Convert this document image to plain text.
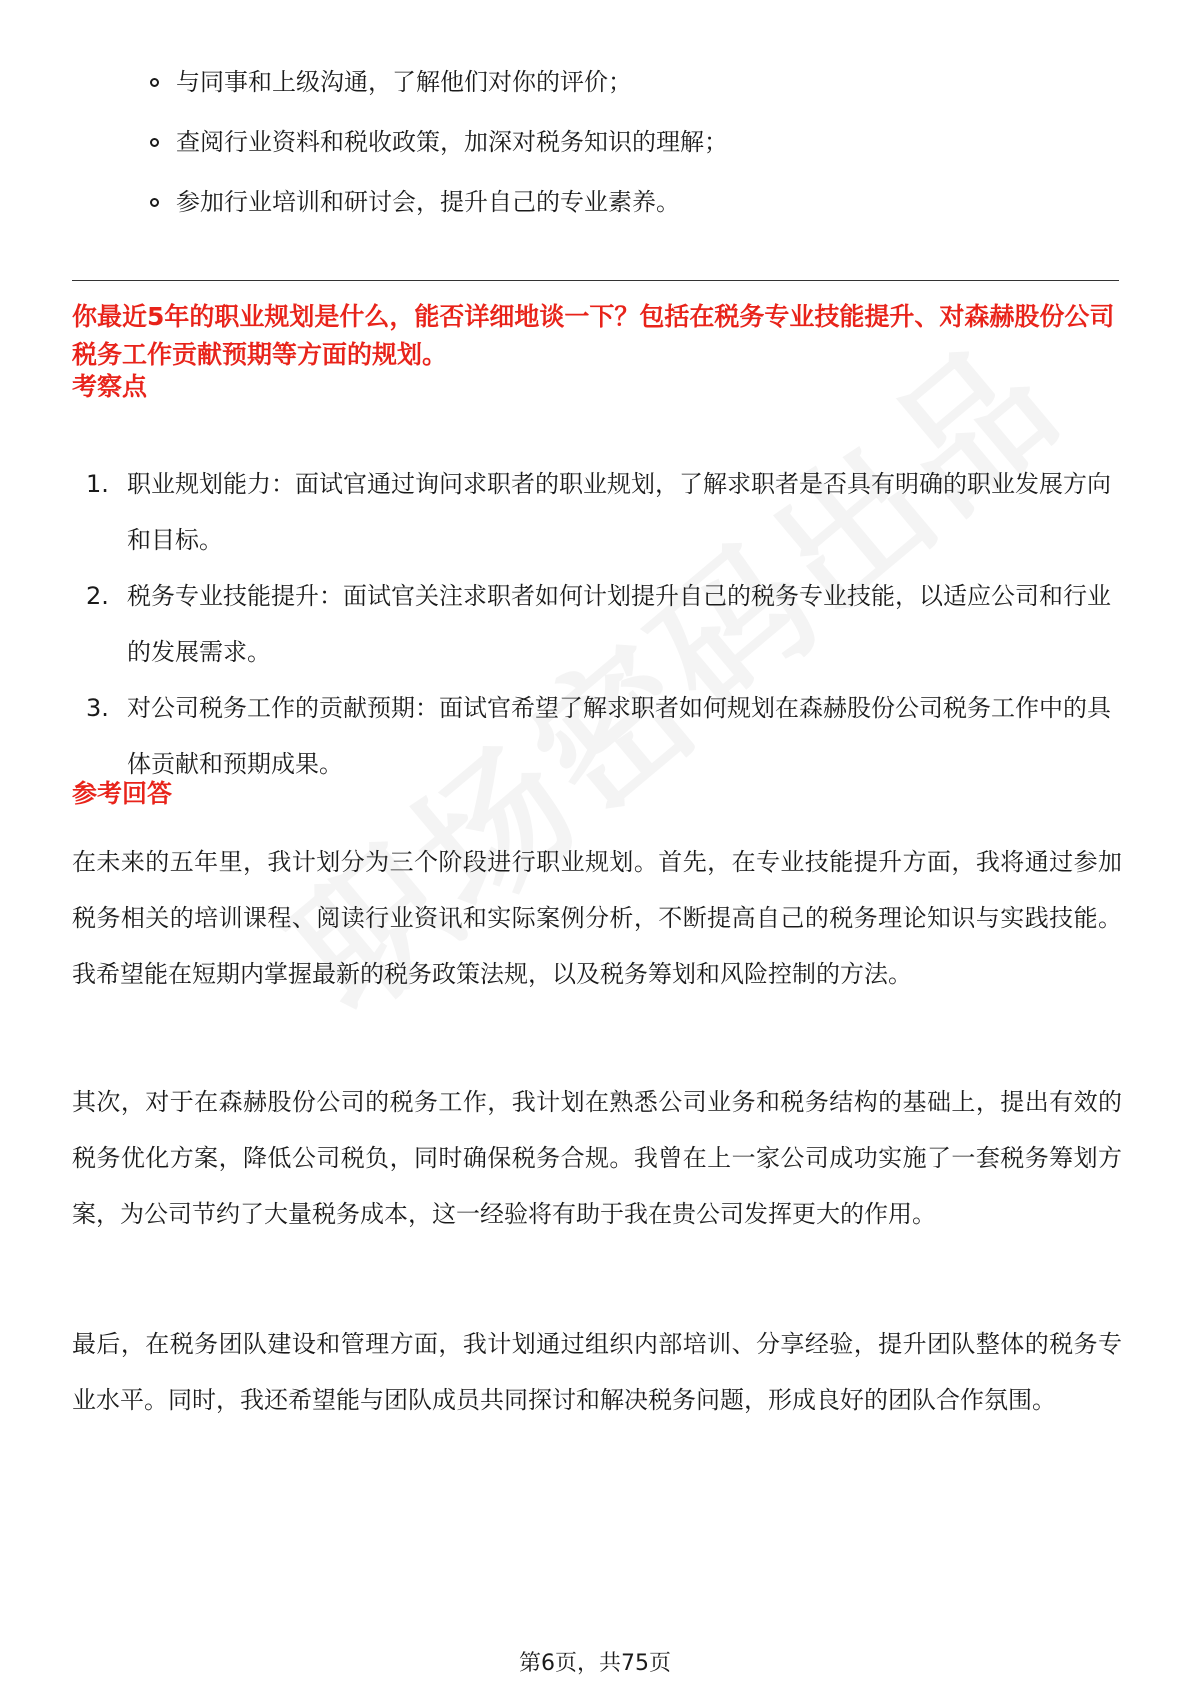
与同事和上级沟通，了解他们对你的评价；
查阅行业资料和税收政策，加深对税务知识的理解；
参加行业培训和研讨会，提升自己的专业素养。
你最近5年的职业规划是什么，能否详细地谈一下？包括在税务专业技能提升、对森赫股份公司税务工作贡献预期等方面的规划。
考察点
1. 职业规划能力：面试官通过询问求职者的职业规划，了解求职者是否具有明确的职业发展方向和目标。
2. 税务专业技能提升：面试官关注求职者如何计划提升自己的税务专业技能，以适应公司和行业的发展需求。
3. 对公司税务工作的贡献预期：面试官希望了解求职者如何规划在森赫股份公司税务工作中的具体贡献和预期成果。
参考回答

在未来的五年里，我计划分为三个阶段进行职业规划。首先，在专业技能提升方面，我将通过参加税务相关的培训课程、阅读行业资讯和实际案例分析，不断提高自己的税务理论知识与实践技能。我希望能在短期内掌握最新的税务政策法规，以及税务筹划和风险控制的方法。

其次，对于在森赫股份公司的税务工作，我计划在熟悉公司业务和税务结构的基础上，提出有效的税务优化方案，降低公司税负，同时确保税务合规。我曾在上一家公司成功实施了一套税务筹划方案，为公司节约了大量税务成本，这一经验将有助于我在贵公司发挥更大的作用。

最后，在税务团队建设和管理方面，我计划通过组织内部培训、分享经验，提升团队整体的税务专业水平。同时，我还希望能与团队成员共同探讨和解决税务问题，形成良好的团队合作氛围。

第6页，共75页
